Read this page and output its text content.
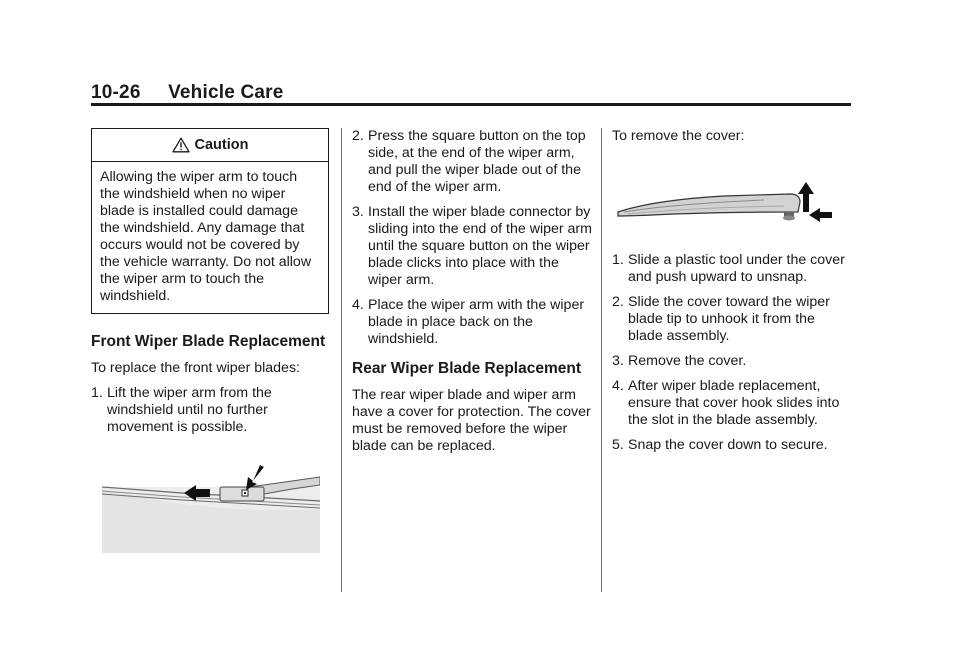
10-26 Vehicle Care
Caution
Allowing the wiper arm to touch the windshield when no wiper blade is installed could damage the windshield. Any damage that occurs would not be covered by the vehicle warranty. Do not allow the wiper arm to touch the windshield.
Front Wiper Blade Replacement

To replace the front wiper blades:

1. Lift the wiper arm from the windshield until no further movement is possible.
2. Press the square button on the top side, at the end of the wiper arm, and pull the wiper blade out of the end of the wiper arm.
3. Install the wiper blade connector by sliding into the end of the wiper arm until the square button on the wiper blade clicks into place with the wiper arm.
4. Place the wiper arm with the wiper blade in place back on the windshield.
Rear Wiper Blade Replacement

The rear wiper blade and wiper arm have a cover for protection. The cover must be removed before the wiper blade can be replaced.

To remove the cover:

1. Slide a plastic tool under the cover and push upward to unsnap.
2. Slide the cover toward the wiper blade tip to unhook it from the blade assembly.
3. Remove the cover.
4. After wiper blade replacement, ensure that cover hook slides into the slot in the blade assembly.
5. Snap the cover down to secure.
